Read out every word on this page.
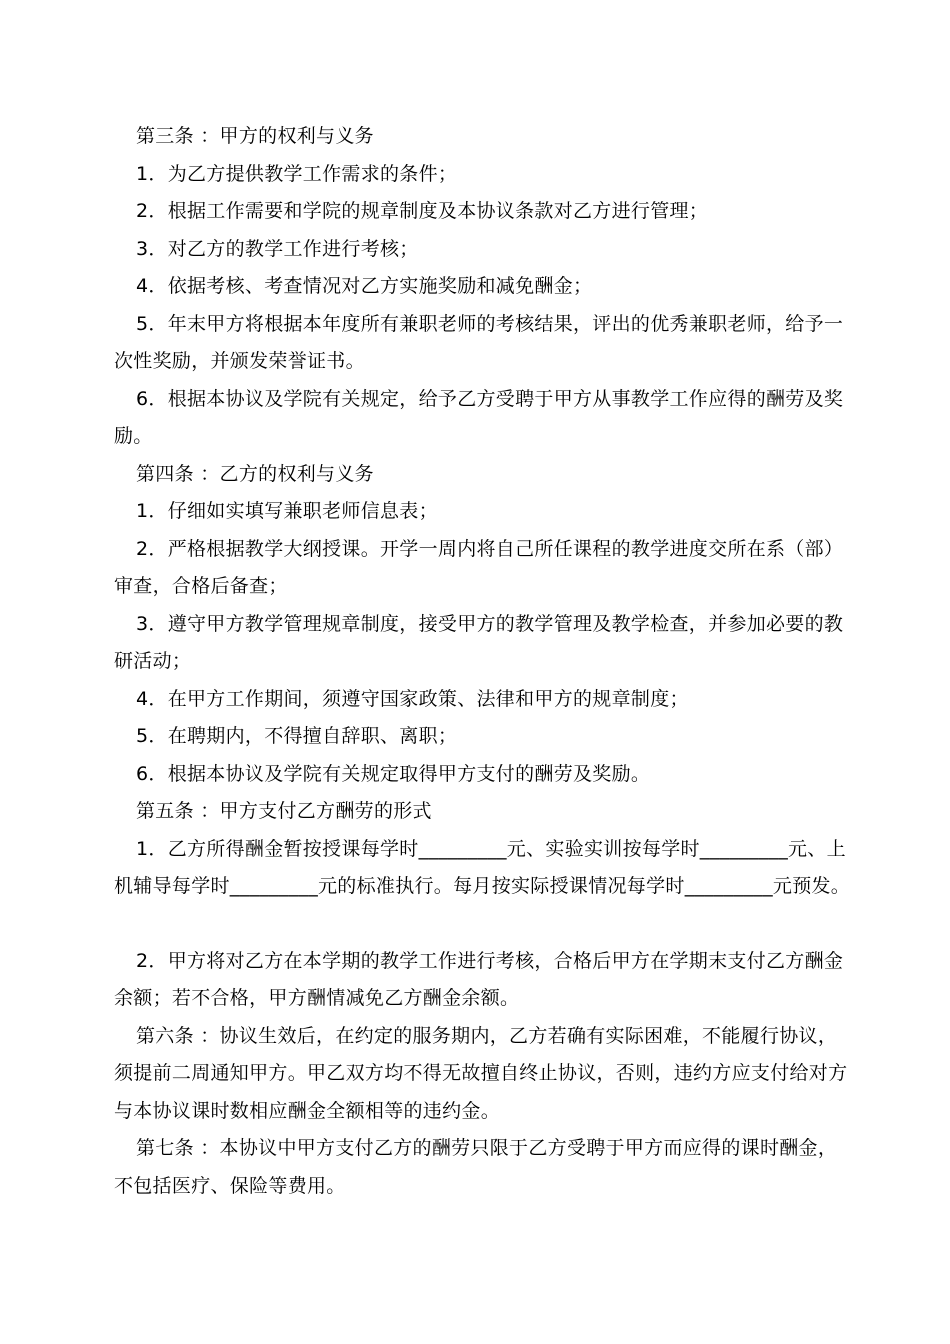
第三条 ：甲方的权利与义务

1．为乙方提供教学工作需求的条件；

2．根据工作需要和学院的规章制度及本协议条款对乙方进行管理；

3．对乙方的教学工作进行考核；

4．依据考核、考查情况对乙方实施奖励和减免酬金；

5．年末甲方将根据本年度所有兼职老师的考核结果，评出的优秀兼职老师，给予一次性奖励，并颁发荣誉证书。

6．根据本协议及学院有关规定，给予乙方受聘于甲方从事教学工作应得的酬劳及奖励。

第四条 ：乙方的权利与义务

1．仔细如实填写兼职老师信息表；

2．严格根据教学大纲授课。开学一周内将自己所任课程的教学进度交所在系（部）审查，合格后备查；

3．遵守甲方教学管理规章制度，接受甲方的教学管理及教学检查，并参加必要的教研活动；

4．在甲方工作期间，须遵守国家政策、法律和甲方的规章制度；

5．在聘期内，不得擅自辞职、离职；

6．根据本协议及学院有关规定取得甲方支付的酬劳及奖励。

第五条 ：甲方支付乙方酬劳的形式

1．乙方所得酬金暂按授课每学时_________元、实验实训按每学时_________元、上机辅导每学时_________元的标准执行。每月按实际授课情况每学时_________元预发。

2．甲方将对乙方在本学期的教学工作进行考核，合格后甲方在学期末支付乙方酬金余额；若不合格，甲方酬情减免乙方酬金余额。

第六条 ：协议生效后，在约定的服务期内，乙方若确有实际困难，不能履行协议，须提前二周通知甲方。甲乙双方均不得无故擅自终止协议，否则，违约方应支付给对方与本协议课时数相应酬金全额相等的违约金。

第七条 ：本协议中甲方支付乙方的酬劳只限于乙方受聘于甲方而应得的课时酬金，不包括医疗、保险等费用。
